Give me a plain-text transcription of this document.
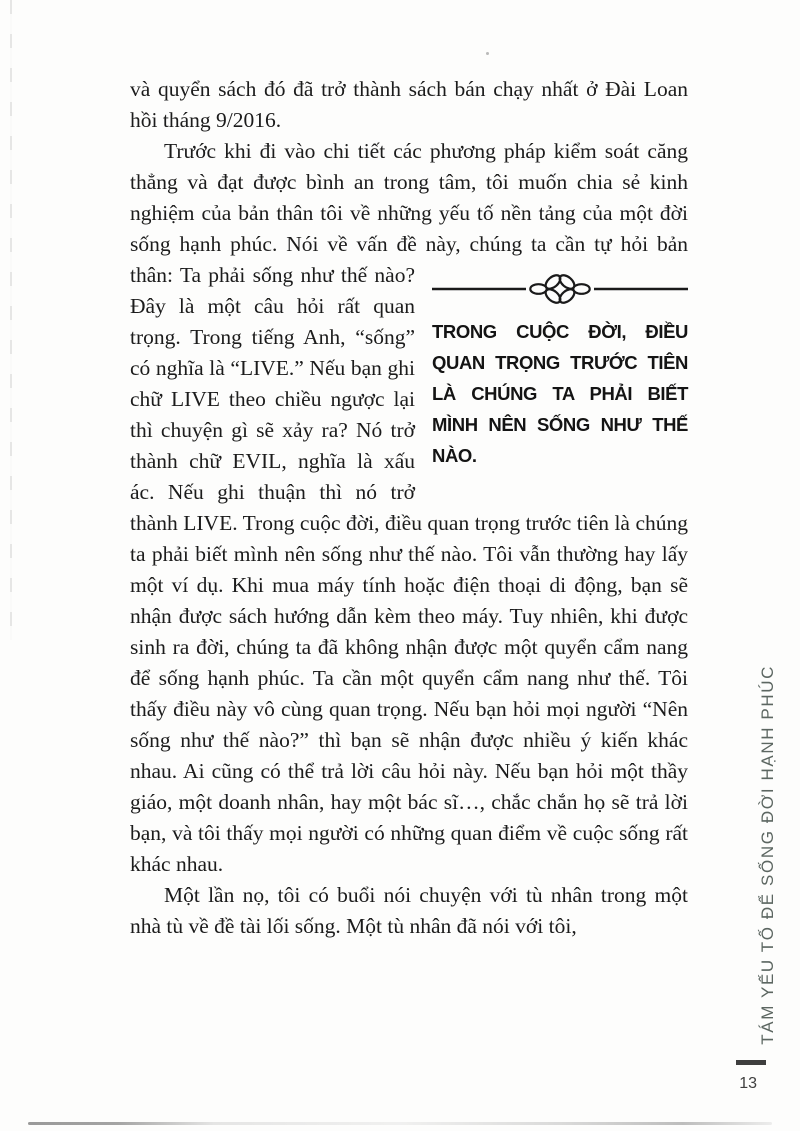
và quyển sách đó đã trở thành sách bán chạy nhất ở Đài Loan hồi tháng 9/2016.

Trước khi đi vào chi tiết các phương pháp kiểm soát căng thẳng và đạt được bình an trong tâm, tôi muốn chia sẻ kinh nghiệm của bản thân tôi về những yếu tố nền tảng của một đời sống hạnh phúc. Nói về vấn đề này, chúng ta cần tự hỏi
TRONG CUỘC ĐỜI, ĐIỀU QUAN TRỌNG TRƯỚC TIÊN LÀ CHÚNG TA PHẢI BIẾT MÌNH NÊN SỐNG NHƯ THẾ NÀO.
bản thân: Ta phải sống như thế nào? Đây là một câu hỏi rất quan trọng. Trong tiếng Anh, “sống” có nghĩa là “LIVE.” Nếu bạn ghi chữ LIVE theo chiều ngược lại thì chuyện gì sẽ xảy ra? Nó trở thành chữ EVIL, nghĩa là xấu ác. Nếu ghi thuận thì nó trở thành LIVE. Trong cuộc đời, điều quan trọng trước tiên là chúng ta phải biết mình nên sống như thế nào. Tôi vẫn thường hay lấy một ví dụ. Khi mua máy tính hoặc điện thoại di động, bạn sẽ nhận được sách hướng dẫn kèm theo máy. Tuy nhiên, khi được sinh ra đời, chúng ta đã không nhận được một quyển cẩm nang để sống hạnh phúc. Ta cần một quyển cẩm nang như thế. Tôi thấy điều này vô cùng quan trọng. Nếu bạn hỏi mọi người “Nên sống như thế nào?” thì bạn sẽ nhận được nhiều ý kiến khác nhau. Ai cũng có thể trả lời câu hỏi này. Nếu bạn hỏi một thầy giáo, một doanh nhân, hay một bác sĩ…, chắc chắn họ sẽ trả lời bạn, và tôi thấy mọi người có những quan điểm về cuộc sống rất khác nhau.

Một lần nọ, tôi có buổi nói chuyện với tù nhân trong một nhà tù về đề tài lối sống. Một tù nhân đã nói với tôi,	TÁM YẾU TỐ ĐỂ SỐNG ĐỜI HẠNH PHÚC
13
